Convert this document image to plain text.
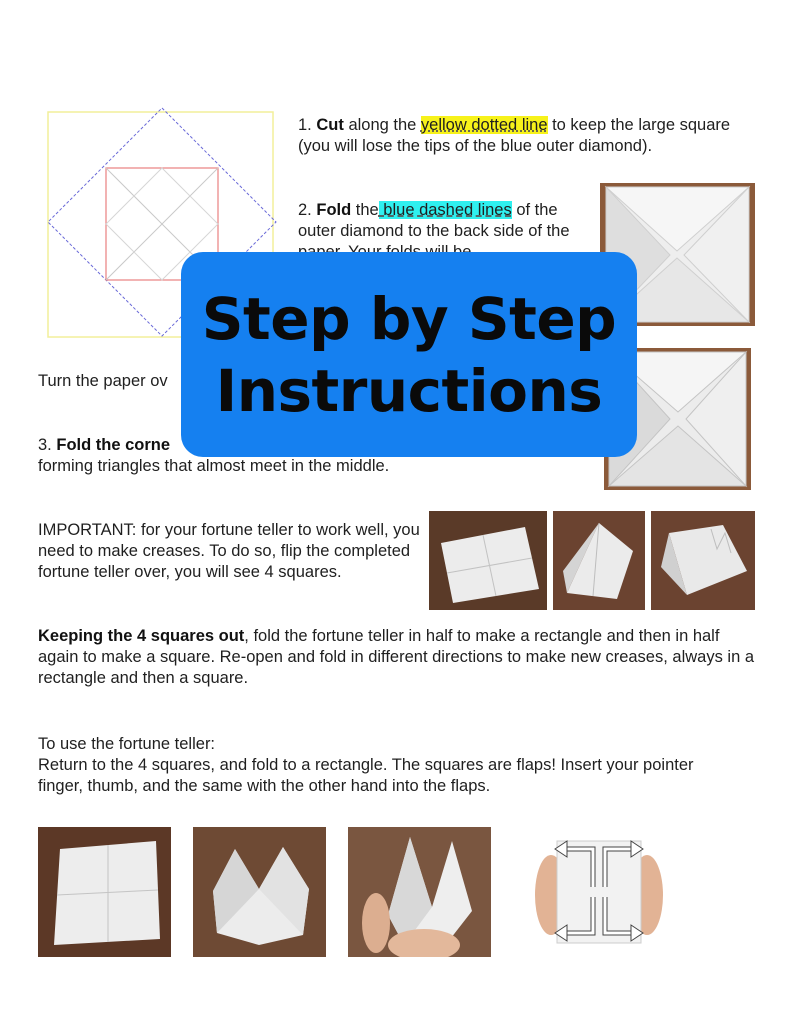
1. Cut along the yellow dotted line to keep the large square (you will lose the tips of the blue outer diamond).
2. Fold the blue dashed lines of the outer diamond to the back side of the
Turn the paper ov
3. Fold the corne
forming triangles that almost meet in the middle.
Step by Step
Instructions
IMPORTANT: for your fortune teller to work well, you need to make creases. To do so, flip the completed fortune teller over, you will see 4 squares.
Keeping the 4 squares out, fold the fortune teller in half to make a rectangle and then in half again to make a square. Re-open and fold in different directions to make new creases, always in a rectangle and then a square.
To use the fortune teller:
Return to the 4 squares, and fold to a rectangle. The squares are flaps! Insert your pointer finger, thumb, and the same with the other hand into the flaps.
